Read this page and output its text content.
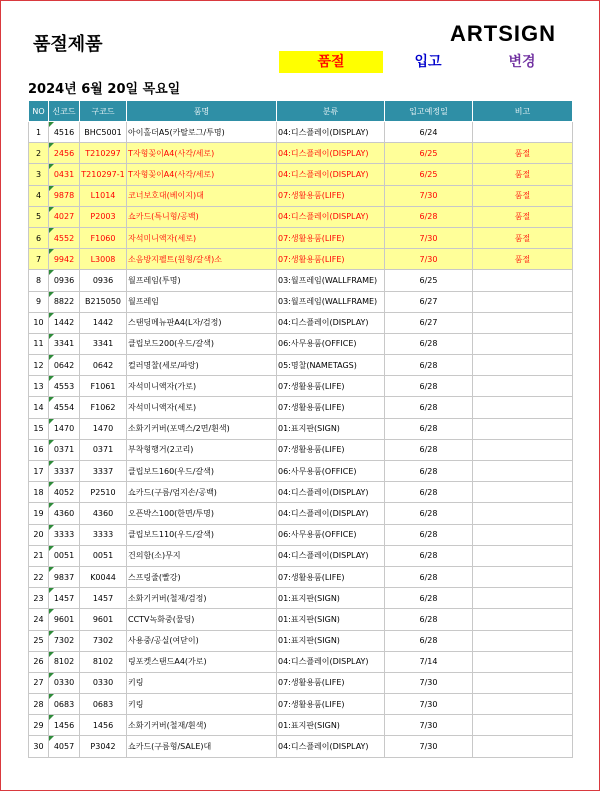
품절제품	ARTSIGN
품절	입고	변경
2024년 6월 20일 목요일
NO	신코드	구코드	품명	분류	입고예정일	비고
1	4516	BHC5001	아이홀더A5(카탈로그/투명)	04:디스플레이(DISPLAY)	6/24	
2	2456	T210297	T자형꽂이A4(사각/세로)	04:디스플레이(DISPLAY)	6/25	품절
3	0431	T210297-1	T자형꽂이A4(사각/세로)	04:디스플레이(DISPLAY)	6/25	품절
4	9878	L1014	코너보호대(베이지)대	07:생활용품(LIFE)	7/30	품절
5	4027	P2003	쇼카드(특니형/공백)	04:디스플레이(DISPLAY)	6/28	품절
6	4552	F1060	자석미니액자(세로)	07:생활용품(LIFE)	7/30	품절
7	9942	L3008	소음방지펠트(원형/갈색)소	07:생활용품(LIFE)	7/30	품절
8	0936	0936	월프레임(투명)	03:월프레임(WALLFRAME)	6/25	
9	8822	B215050	월프레임	03:월프레임(WALLFRAME)	6/27	
10	1442	1442	스탠딩메뉴판A4(L자/검정)	04:디스플레이(DISPLAY)	6/27	
11	3341	3341	클립보드200(우드/갈색)	06:사무용품(OFFICE)	6/28	
12	0642	0642	컬러명찰(세로/파랑)	05:명찰(NAMETAGS)	6/28	
13	4553	F1061	자석미니액자(가로)	07:생활용품(LIFE)	6/28	
14	4554	F1062	자석미니액자(세로)	07:생활용품(LIFE)	6/28	
15	1470	1470	소화기커버(포맥스/2면/흰색)	01:표지판(SIGN)	6/28	
16	0371	0371	부착형행거(2고리)	07:생활용품(LIFE)	6/28	
17	3337	3337	클립보드160(우드/갈색)	06:사무용품(OFFICE)	6/28	
18	4052	P2510	쇼카드(구름/엄지손/공백)	04:디스플레이(DISPLAY)	6/28	
19	4360	4360	오픈박스100(한면/투명)	04:디스플레이(DISPLAY)	6/28	
20	3333	3333	클립보드110(우드/갈색)	06:사무용품(OFFICE)	6/28	
21	0051	0051	건의함(소)무지	04:디스플레이(DISPLAY)	6/28	
22	9837	K0044	스프링줄(빨강)	07:생활용품(LIFE)	6/28	
23	1457	1457	소화기커버(철재/검정)	01:표지판(SIGN)	6/28	
24	9601	9601	CCTV녹화중(물딩)	01:표지판(SIGN)	6/28	
25	7302	7302	사용중/공실(여닫이)	01:표지판(SIGN)	6/28	
26	8102	8102	링포켓스탠드A4(가로)	04:디스플레이(DISPLAY)	7/14	
27	0330	0330	키링	07:생활용품(LIFE)	7/30	
28	0683	0683	키링	07:생활용품(LIFE)	7/30	
29	1456	1456	소화기커버(철재/흰색)	01:표지판(SIGN)	7/30	
30	4057	P3042	쇼카드(구름형/SALE)대	04:디스플레이(DISPLAY)	7/30	
